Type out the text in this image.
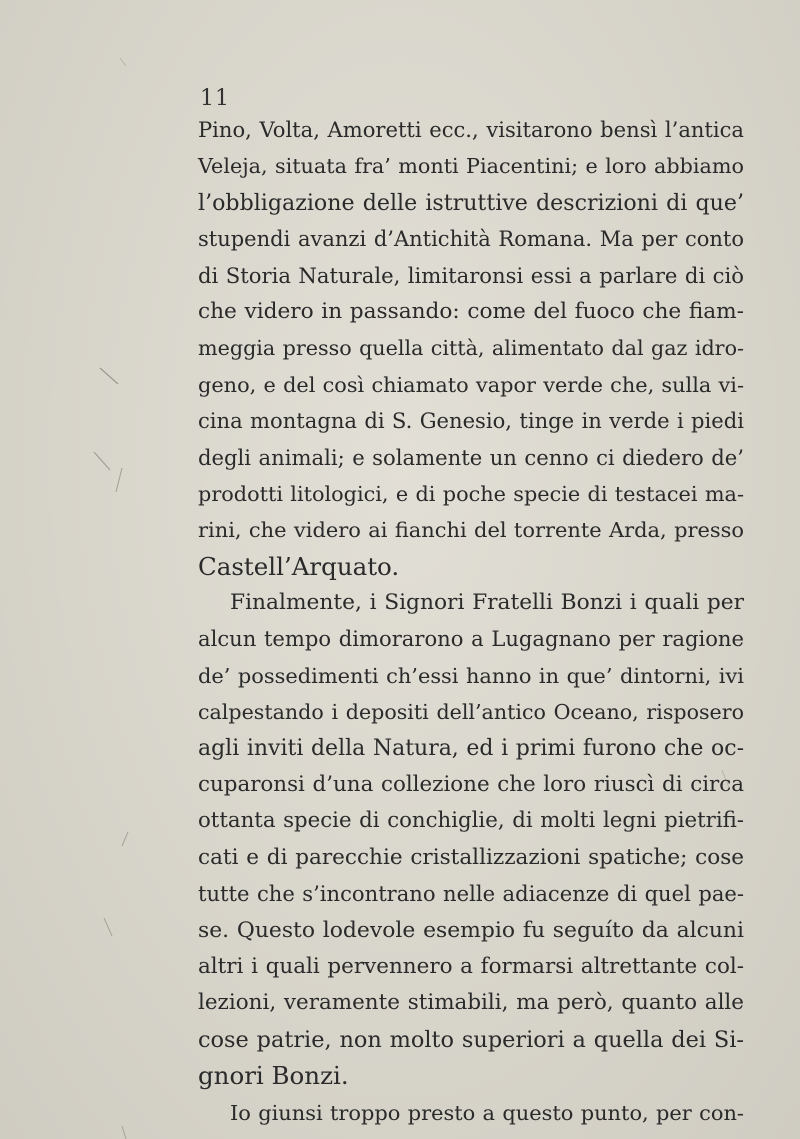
11
Pino, Volta, Amoretti ecc., visitarono bensì l’antica
Veleja, situata fra’ monti Piacentini; e loro abbiamo
l’obbligazione delle istruttive descrizioni di que’
stupendi avanzi d’Antichità Romana. Ma per conto
di Storia Naturale, limitaronsi essi a parlare di ciò
che videro in passando: come del fuoco che fiam-
meggia presso quella città, alimentato dal gaz idro-
geno, e del così chiamato vapor verde che, sulla vi-
cina montagna di S. Genesio, tinge in verde i piedi
degli animali; e solamente un cenno ci diedero de’
prodotti litologici, e di poche specie di testacei ma-
rini, che videro ai fianchi del torrente Arda, presso
Castell’Arquato.
Finalmente, i Signori Fratelli Bonzi i quali per
alcun tempo dimorarono a Lugagnano per ragione
de’ possedimenti ch’essi hanno in que’ dintorni, ivi
calpestando i depositi dell’antico Oceano, risposero
agli inviti della Natura, ed i primi furono che oc-
cuparonsi d’una collezione che loro riuscì di circa
ottanta specie di conchiglie, di molti legni pietrifi-
cati e di parecchie cristallizzazioni spatiche; cose
tutte che s’incontrano nelle adiacenze di quel pae-
se. Questo lodevole esempio fu seguíto da alcuni
altri i quali pervennero a formarsi altrettante col-
lezioni, veramente stimabili, ma però, quanto alle
cose patrie, non molto superiori a quella dei Si-
gnori Bonzi.
Io giunsi troppo presto a questo punto, per con-
